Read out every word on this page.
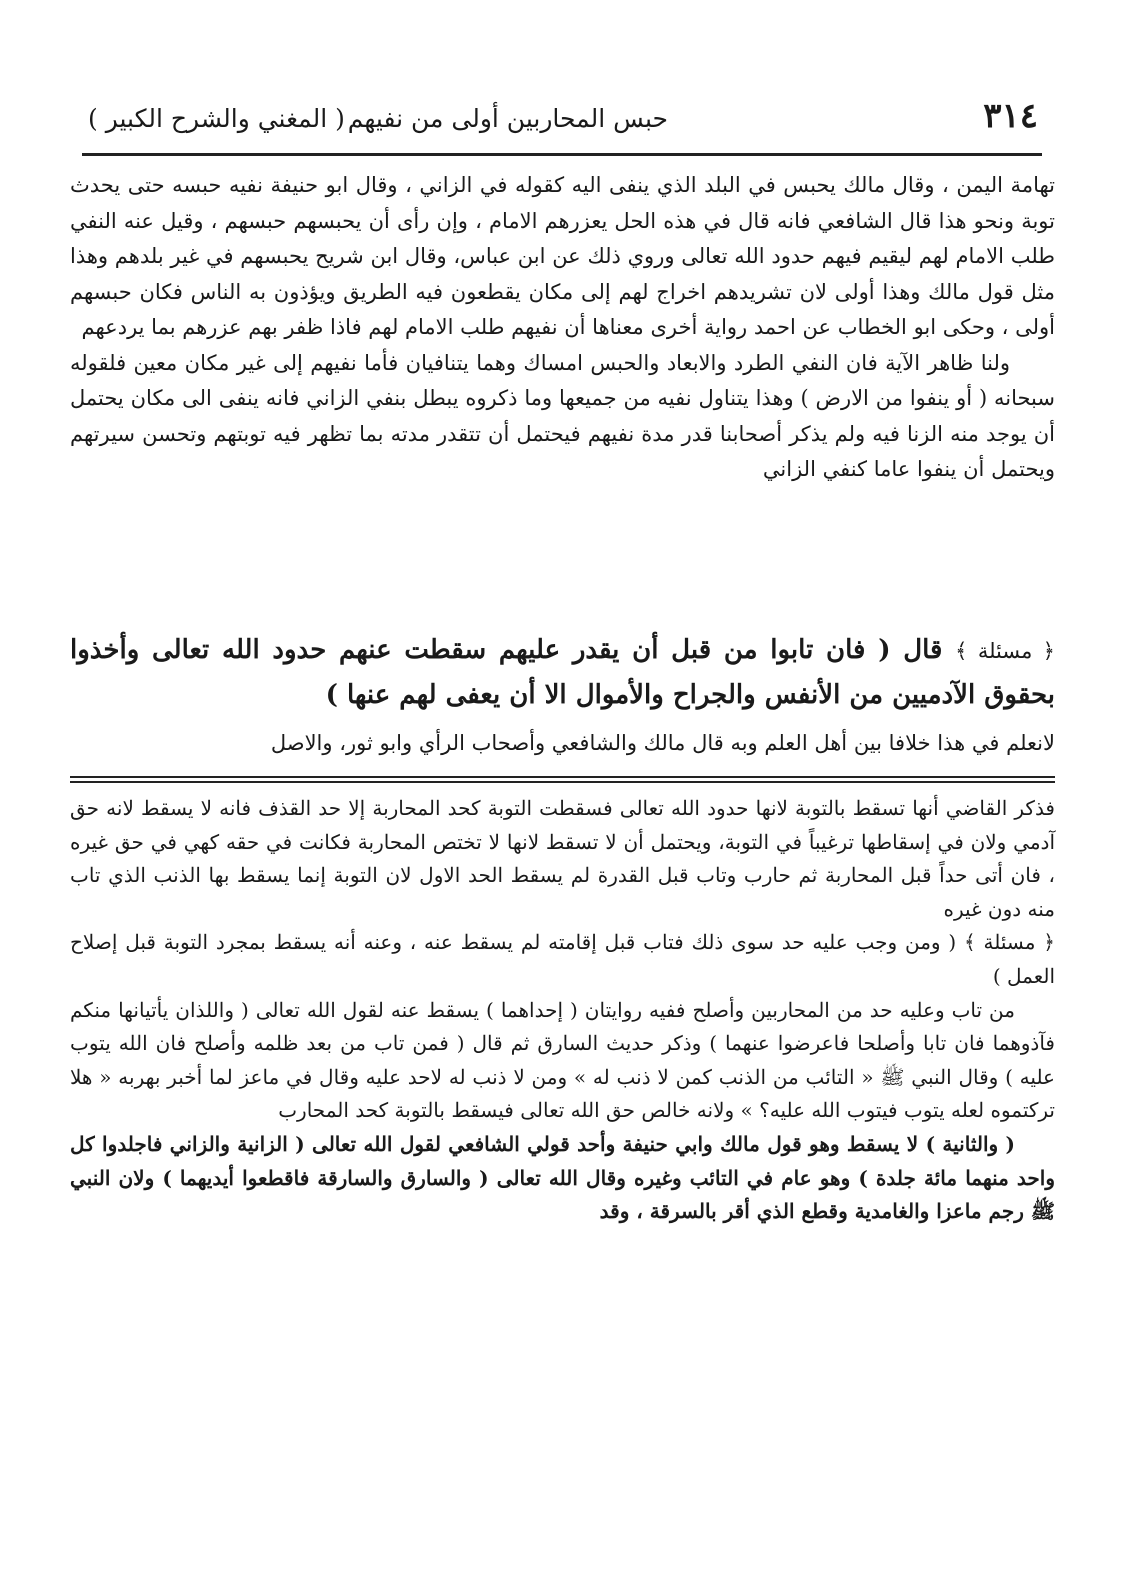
٣١٤
حبس المحاربين أولى من نفيهم
( المغني والشرح الكبير )

تهامة اليمن ، وقال مالك يحبس في البلد الذي ينفى اليه كقوله في الزاني ، وقال ابو حنيفة نفيه حبسه حتى يحدث توبة ونحو هذا قال الشافعي فانه قال في هذه الحل يعزرهم الامام ، وإن رأى أن يحبسهم حبسهم ، وقيل عنه النفي طلب الامام لهم ليقيم فيهم حدود الله تعالى وروي ذلك عن ابن عباس، وقال ابن شريح يحبسهم في غير بلدهم وهذا مثل قول مالك وهذا أولى لان تشريدهم اخراج لهم إلى مكان يقطعون فيه الطريق ويؤذون به الناس فكان حبسهم أولى ، وحكى ابو الخطاب عن احمد رواية أخرى معناها أن نفيهم طلب الامام لهم فاذا ظفر بهم عزرهم بما يردعهم

ولنا ظاهر الآية فان النفي الطرد والابعاد والحبس امساك وهما يتنافيان فأما نفيهم إلى غير مكان معين فلقوله سبحانه ( أو ينفوا من الارض ) وهذا يتناول نفيه من جميعها وما ذكروه يبطل بنفي الزاني فانه ينفى الى مكان يحتمل أن يوجد منه الزنا فيه ولم يذكر أصحابنا قدر مدة نفيهم فيحتمل أن تتقدر مدته بما تظهر فيه توبتهم وتحسن سيرتهم ويحتمل أن ينفوا عاما كنفي الزاني

﴿ مسئلة ﴾ قال ( فان تابوا من قبل أن يقدر عليهم سقطت عنهم حدود الله تعالى وأخذوا بحقوق الآدميين من الأنفس والجراح والأموال الا أن يعفى لهم عنها )

لانعلم في هذا خلافا بين أهل العلم وبه قال مالك والشافعي وأصحاب الرأي وابو ثور، والاصل

فذكر القاضي أنها تسقط بالتوبة لانها حدود الله تعالى فسقطت التوبة كحد المحاربة إلا حد القذف فانه لا يسقط لانه حق آدمي ولان في إسقاطها ترغيباً في التوبة، ويحتمل أن لا تسقط لانها لا تختص المحاربة فكانت في حقه كهي في حق غيره ، فان أتى حداً قبل المحاربة ثم حارب وتاب قبل القدرة لم يسقط الحد الاول لان التوبة إنما يسقط بها الذنب الذي تاب منه دون غيره

﴿ مسئلة ﴾ ( ومن وجب عليه حد سوى ذلك فتاب قبل إقامته لم يسقط عنه ، وعنه أنه يسقط بمجرد التوبة قبل إصلاح العمل )

من تاب وعليه حد من المحاربين وأصلح ففيه روايتان ( إحداهما ) يسقط عنه لقول الله تعالى ( واللذان يأتيانها منكم فآذوهما فان تابا وأصلحا فاعرضوا عنهما ) وذكر حديث السارق ثم قال ( فمن تاب من بعد ظلمه وأصلح فان الله يتوب عليه ) وقال النبي ﷺ « التائب من الذنب كمن لا ذنب له » ومن لا ذنب له لاحد عليه وقال في ماعز لما أخبر بهربه « هلا تركتموه لعله يتوب فيتوب الله عليه؟ » ولانه خالص حق الله تعالى فيسقط بالتوبة كحد المحارب

( والثانية ) لا يسقط وهو قول مالك وابي حنيفة وأحد قولي الشافعي لقول الله تعالى ( الزانية والزاني فاجلدوا كل واحد منهما مائة جلدة ) وهو عام في التائب وغيره وقال الله تعالى ( والسارق والسارقة فاقطعوا أيديهما ) ولان النبي ﷺ رجم ماعزا والغامدية وقطع الذي أقر بالسرقة ، وقد
